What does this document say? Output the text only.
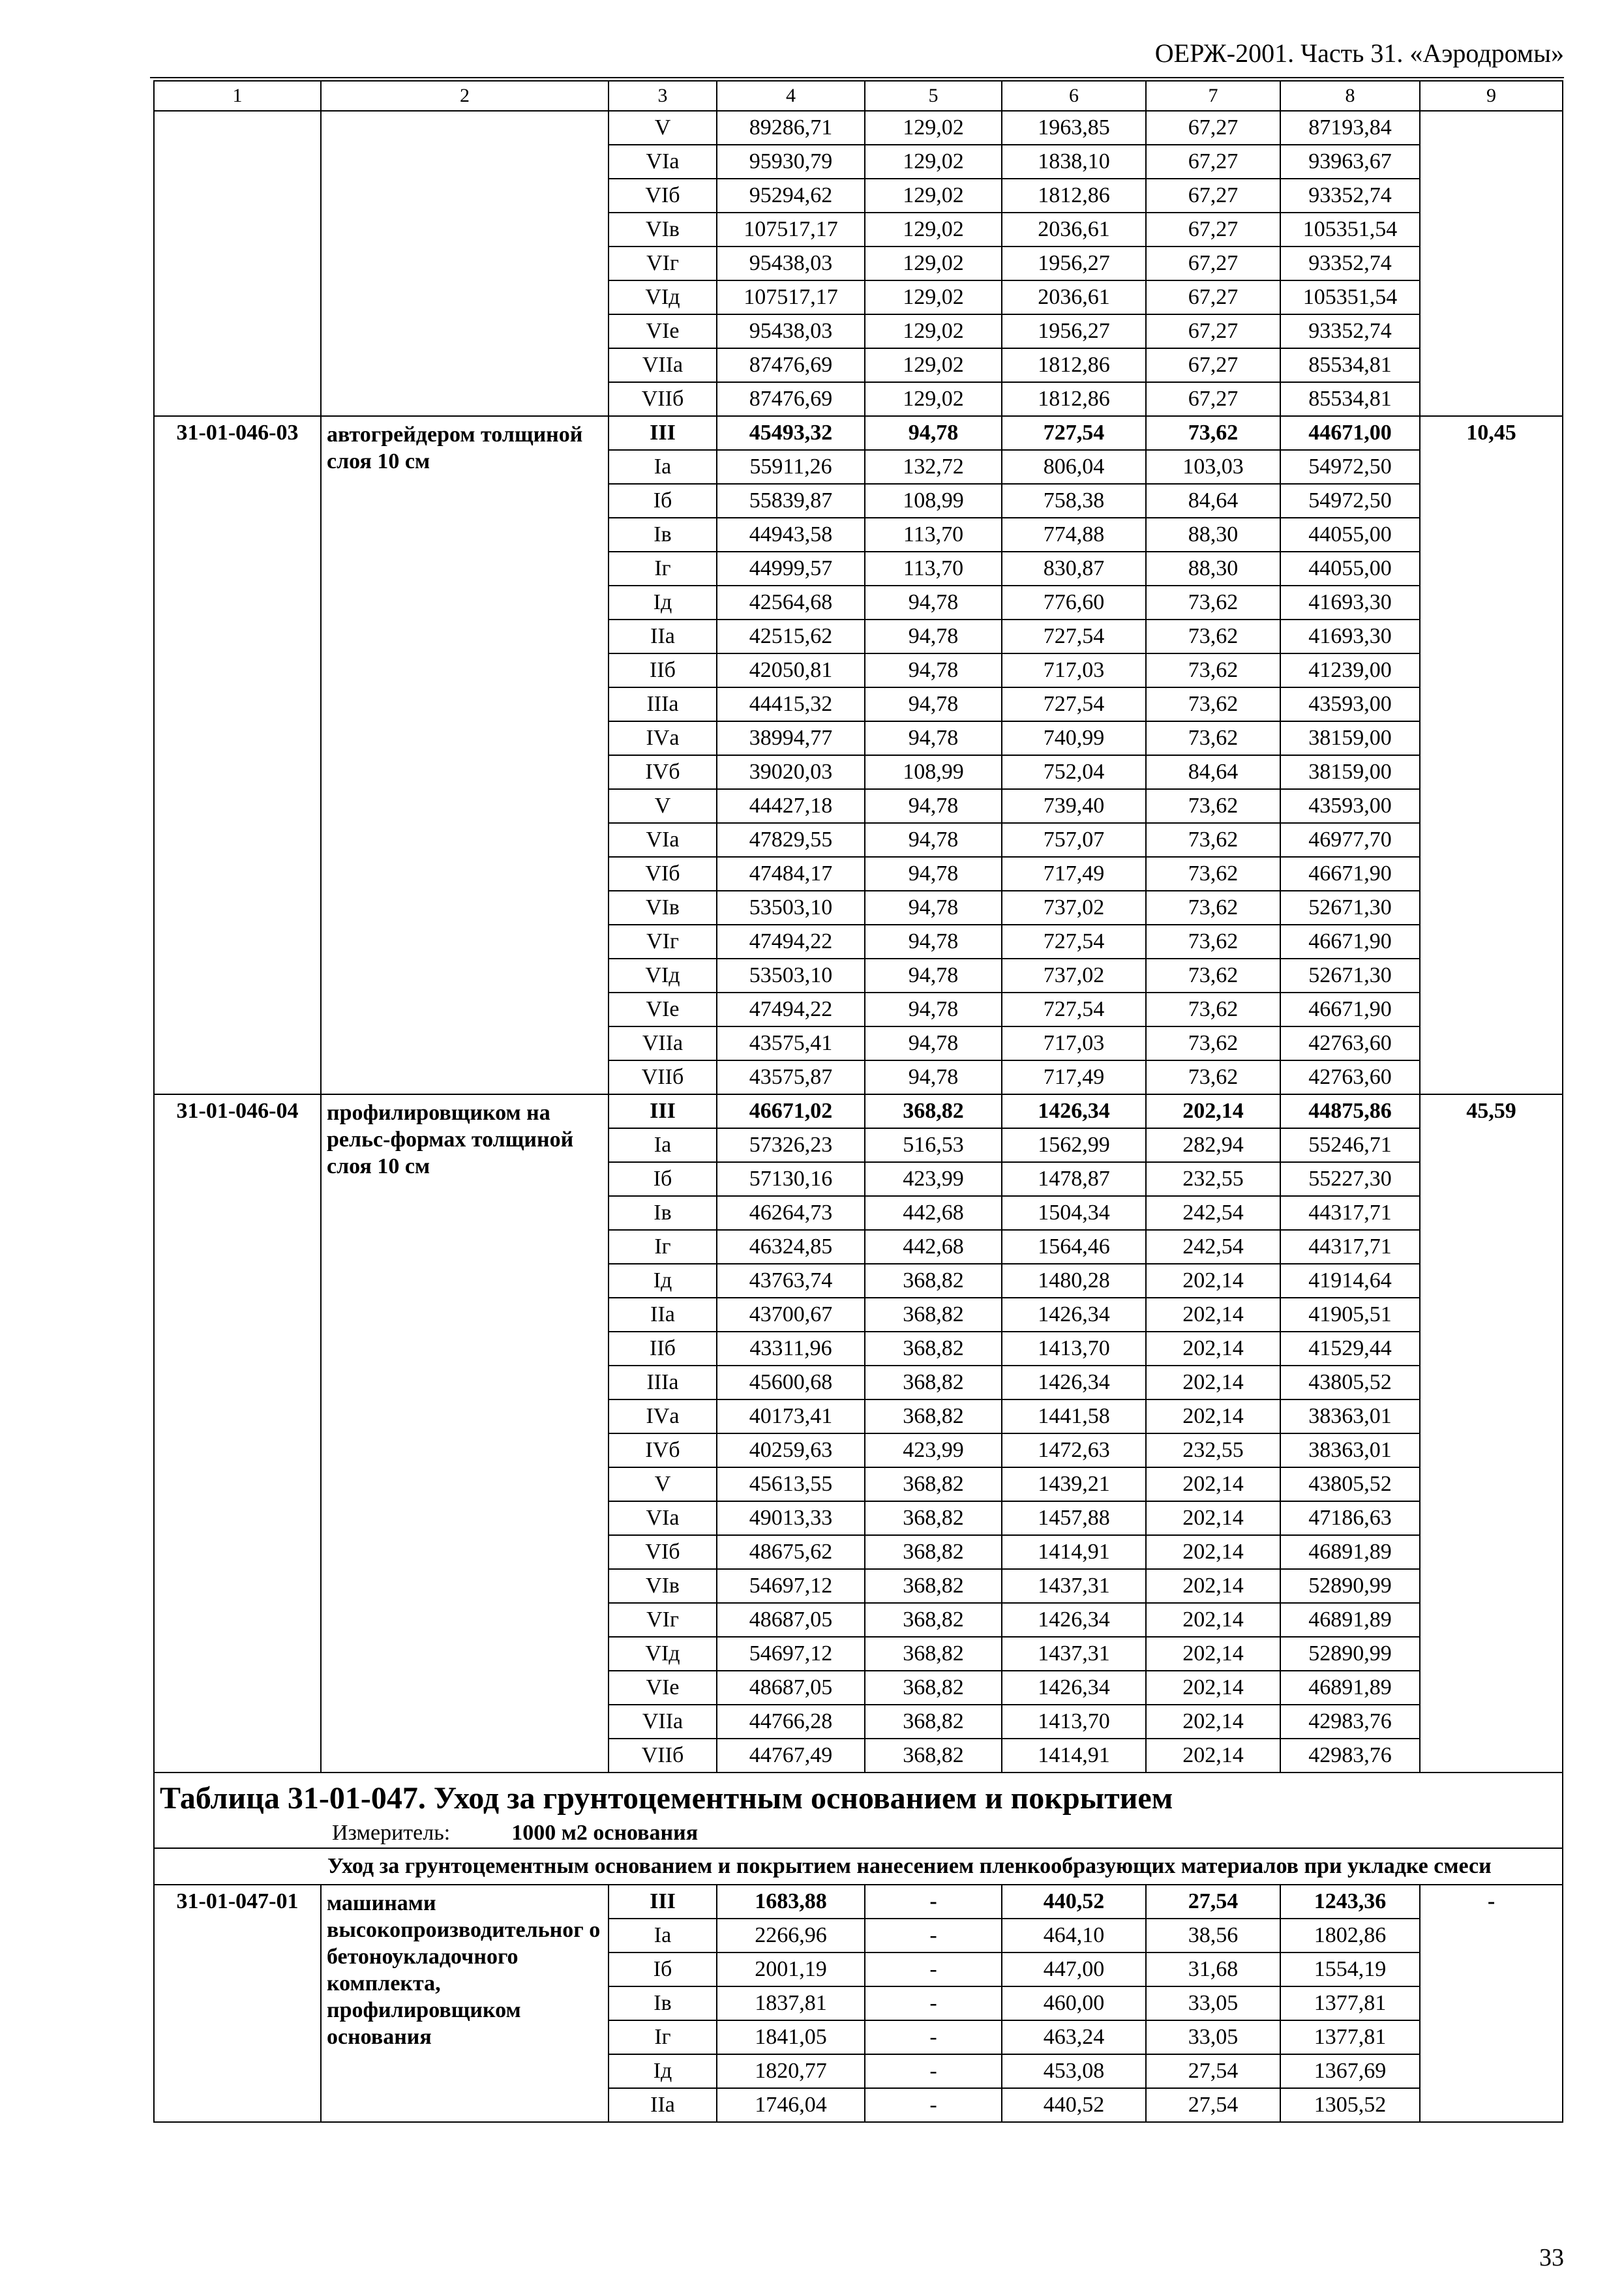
ОЕРЖ-2001. Часть 31. «Аэродромы»
1	2	3	4	5	6	7	8	9
		V	89286,71	129,02	1963,85	67,27	87193,84	
		VIа	95930,79	129,02	1838,10	67,27	93963,67	
		VIб	95294,62	129,02	1812,86	67,27	93352,74	
		VIв	107517,17	129,02	2036,61	67,27	105351,54	
		VIг	95438,03	129,02	1956,27	67,27	93352,74	
		VIд	107517,17	129,02	2036,61	67,27	105351,54	
		VIе	95438,03	129,02	1956,27	67,27	93352,74	
		VIIа	87476,69	129,02	1812,86	67,27	85534,81	
		VIIб	87476,69	129,02	1812,86	67,27	85534,81	
31-01-046-03	автогрейдером толщиной слоя 10 см	III	45493,32	94,78	727,54	73,62	44671,00	10,45
		Iа	55911,26	132,72	806,04	103,03	54972,50	
		Iб	55839,87	108,99	758,38	84,64	54972,50	
		Iв	44943,58	113,70	774,88	88,30	44055,00	
		Iг	44999,57	113,70	830,87	88,30	44055,00	
		Iд	42564,68	94,78	776,60	73,62	41693,30	
		IIа	42515,62	94,78	727,54	73,62	41693,30	
		IIб	42050,81	94,78	717,03	73,62	41239,00	
		IIIа	44415,32	94,78	727,54	73,62	43593,00	
		IVа	38994,77	94,78	740,99	73,62	38159,00	
		IVб	39020,03	108,99	752,04	84,64	38159,00	
		V	44427,18	94,78	739,40	73,62	43593,00	
		VIа	47829,55	94,78	757,07	73,62	46977,70	
		VIб	47484,17	94,78	717,49	73,62	46671,90	
		VIв	53503,10	94,78	737,02	73,62	52671,30	
		VIг	47494,22	94,78	727,54	73,62	46671,90	
		VIд	53503,10	94,78	737,02	73,62	52671,30	
		VIе	47494,22	94,78	727,54	73,62	46671,90	
		VIIа	43575,41	94,78	717,03	73,62	42763,60	
		VIIб	43575,87	94,78	717,49	73,62	42763,60	
31-01-046-04	профилировщиком на рельс-формах толщиной слоя 10 см	III	46671,02	368,82	1426,34	202,14	44875,86	45,59
		Iа	57326,23	516,53	1562,99	282,94	55246,71	
		Iб	57130,16	423,99	1478,87	232,55	55227,30	
		Iв	46264,73	442,68	1504,34	242,54	44317,71	
		Iг	46324,85	442,68	1564,46	242,54	44317,71	
		Iд	43763,74	368,82	1480,28	202,14	41914,64	
		IIа	43700,67	368,82	1426,34	202,14	41905,51	
		IIб	43311,96	368,82	1413,70	202,14	41529,44	
		IIIа	45600,68	368,82	1426,34	202,14	43805,52	
		IVа	40173,41	368,82	1441,58	202,14	38363,01	
		IVб	40259,63	423,99	1472,63	232,55	38363,01	
		V	45613,55	368,82	1439,21	202,14	43805,52	
		VIа	49013,33	368,82	1457,88	202,14	47186,63	
		VIб	48675,62	368,82	1414,91	202,14	46891,89	
		VIв	54697,12	368,82	1437,31	202,14	52890,99	
		VIг	48687,05	368,82	1426,34	202,14	46891,89	
		VIд	54697,12	368,82	1437,31	202,14	52890,99	
		VIе	48687,05	368,82	1426,34	202,14	46891,89	
		VIIа	44766,28	368,82	1413,70	202,14	42983,76	
		VIIб	44767,49	368,82	1414,91	202,14	42983,76	

Таблица 31-01-047. Уход за грунтоцементным основанием и покрытием
Измеритель: 1000 м2 основания								

	Уход за грунтоцементным основанием и покрытием нанесением пленкообразующих материалов при укладке смеси							
31-01-047-01	машинами высокопроизводительног о бетоноукладочного комплекта, профилировщиком основания	III	1683,88	-	440,52	27,54	1243,36	-
		Iа	2266,96	-	464,10	38,56	1802,86	
		Iб	2001,19	-	447,00	31,68	1554,19	
		Iв	1837,81	-	460,00	33,05	1377,81	
		Iг	1841,05	-	463,24	33,05	1377,81	
		Iд	1820,77	-	453,08	27,54	1367,69	
		IIа	1746,04	-	440,52	27,54	1305,52	
33
